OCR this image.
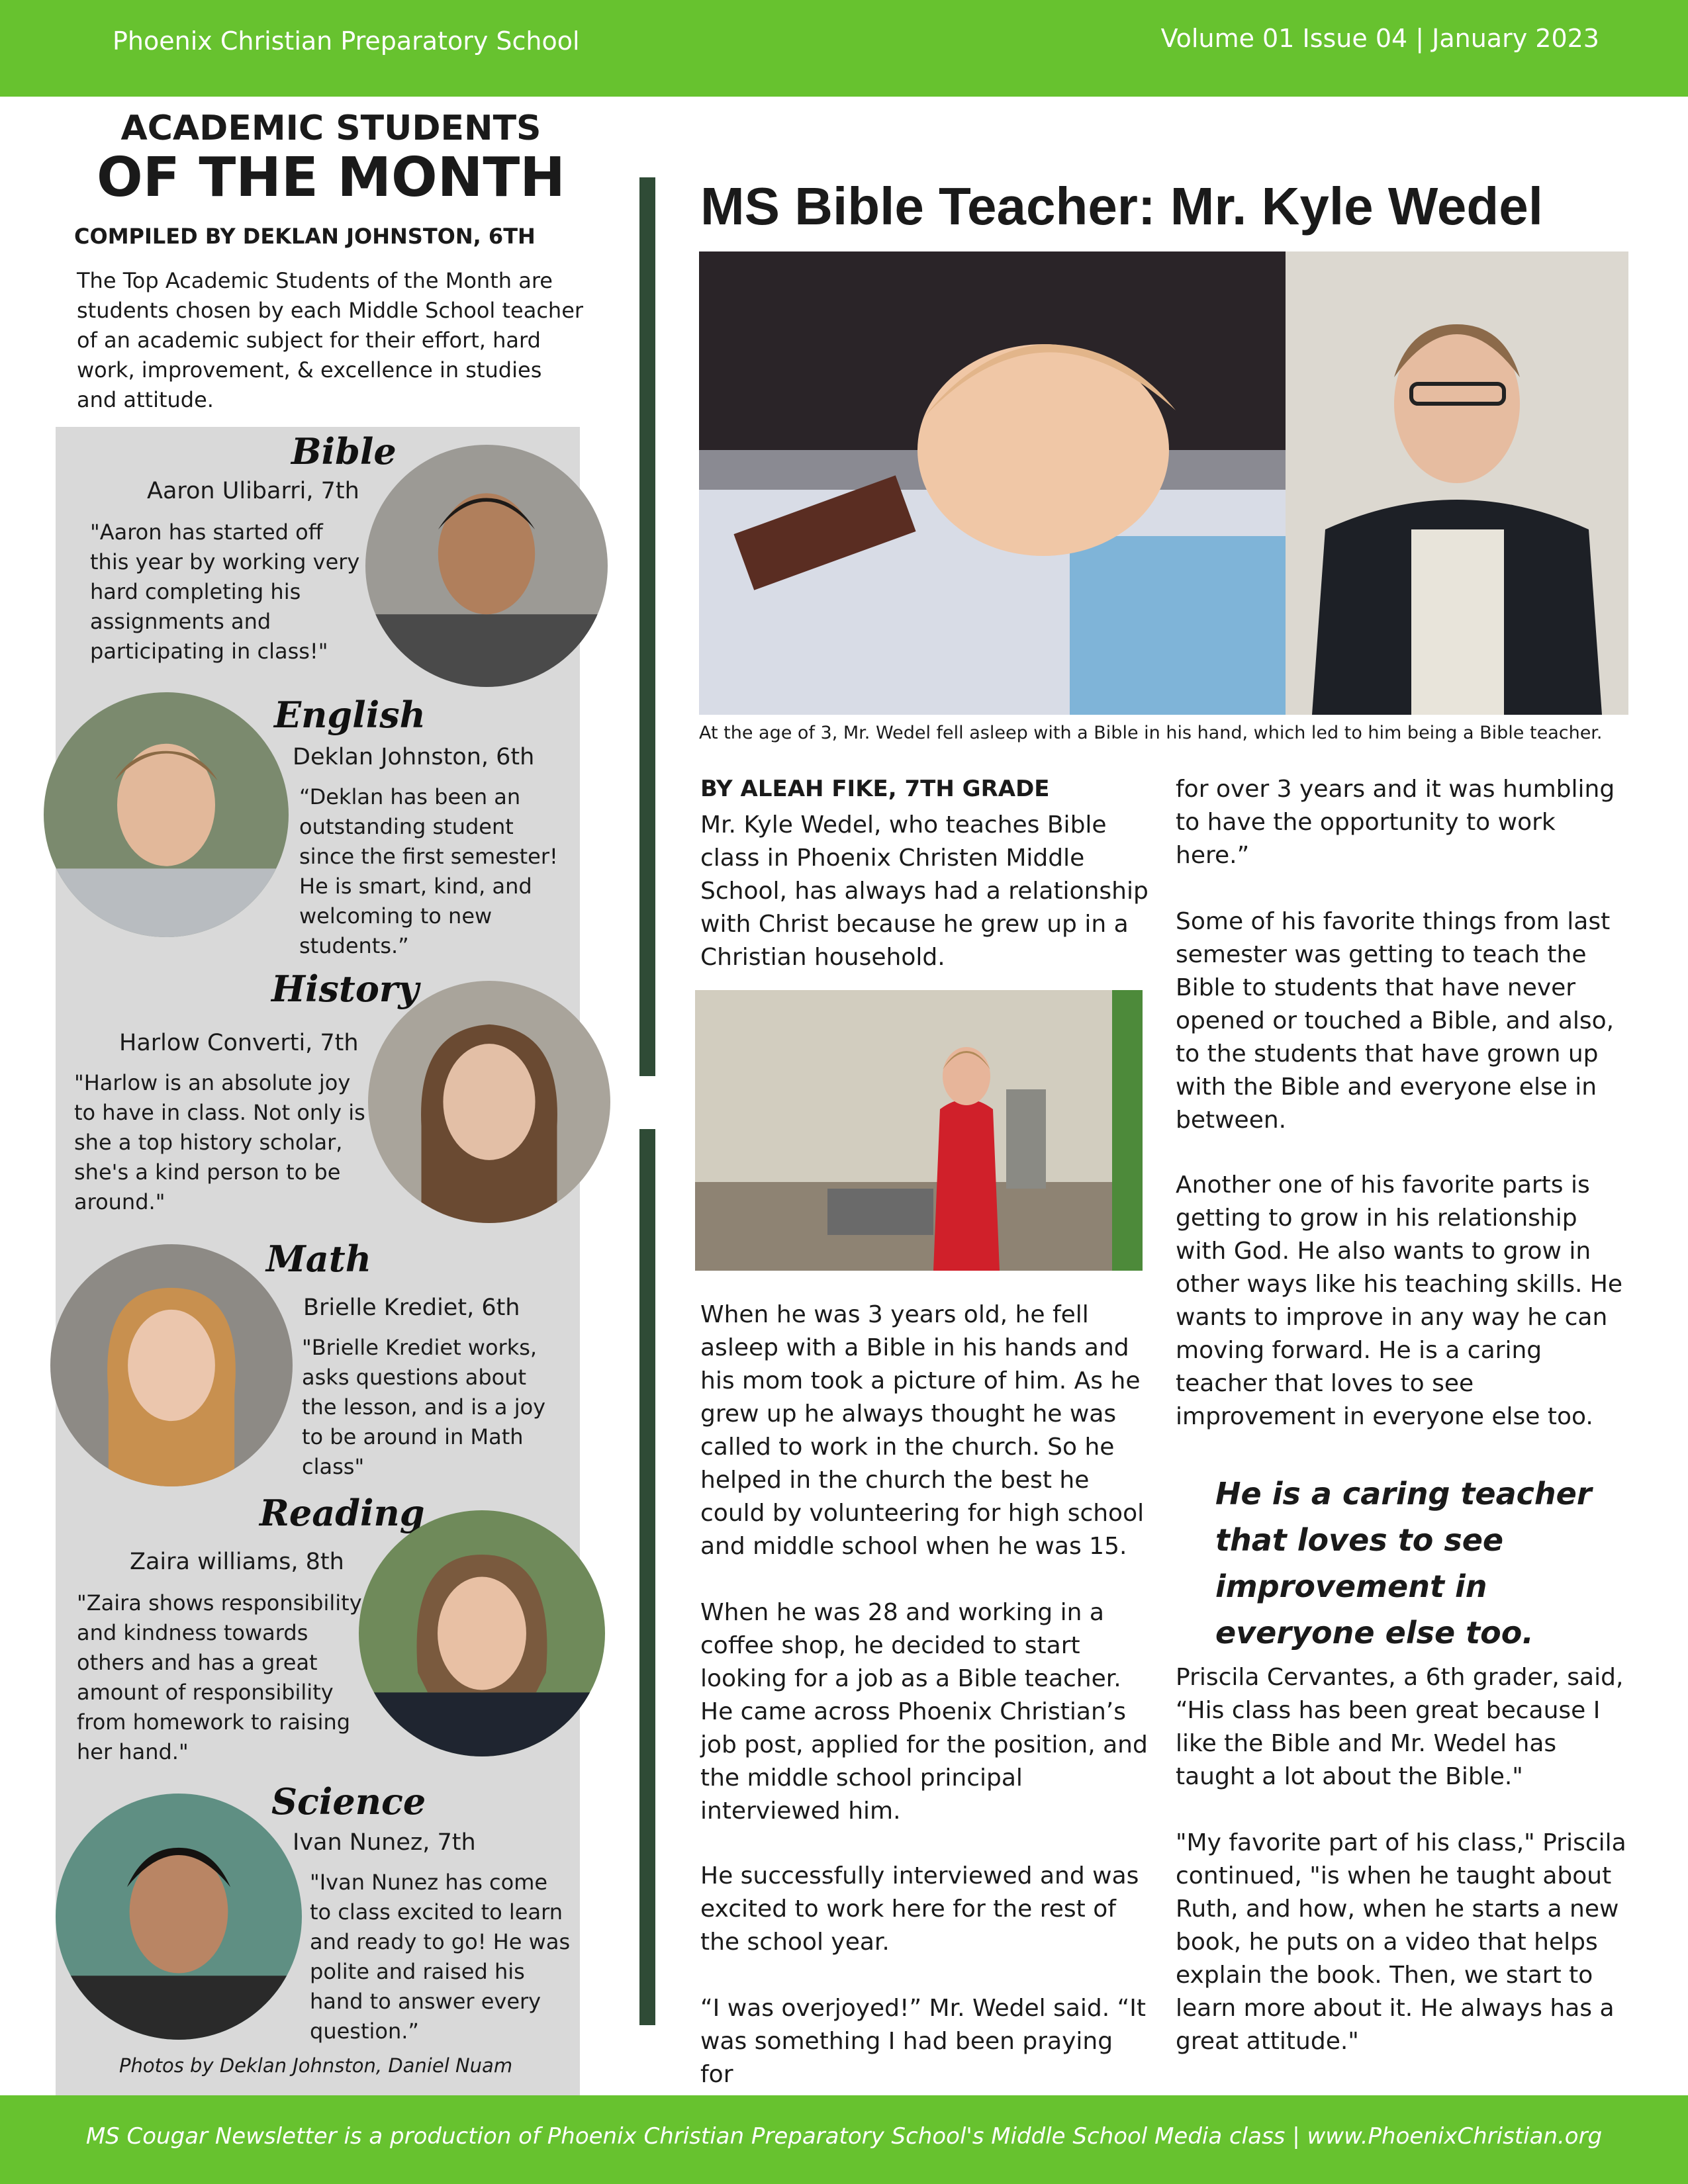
Phoenix Christian Preparatory School	Volume 01 Issue 04 | January 2023
ACADEMIC STUDENTS
OF THE MONTH
COMPILED BY DEKLAN JOHNSTON, 6TH
The Top Academic Students of the Month are students chosen by each Middle School teacher of an academic subject for their effort, hard work, improvement, & excellence in studies and attitude.
Bible
Aaron Ulibarri, 7th
"Aaron has started off this year by working very hard completing his assignments and participating in class!"
English
Deklan Johnston, 6th
“Deklan has been an outstanding student since the first semester! He is smart, kind, and welcoming to new students.”
History
Harlow Converti, 7th
"Harlow is an absolute joy to have in class. Not only is she a top history scholar, she's a kind person to be around."
Math
Brielle Krediet, 6th
"Brielle Krediet works, asks questions about the lesson, and is a joy to be around in Math class"
Reading
Zaira williams, 8th
"Zaira shows responsibility and kindness towards others and has a great amount of responsibility from homework to raising her hand."
Science
Ivan Nunez, 7th
"Ivan Nunez has come to class excited to learn and ready to go! He was polite and raised his hand to answer every question.”
Photos by Deklan Johnston, Daniel Nuam
MS Bible Teacher: Mr. Kyle Wedel
At the age of 3, Mr. Wedel fell asleep with a Bible in his hand, which led to him being a Bible teacher.
BY ALEAH FIKE, 7TH GRADE
Mr. Kyle Wedel, who teaches Bible class in Phoenix Christen Middle School, has always had a relationship with Christ because he grew up in a Christian household.
When he was 3 years old, he fell asleep with a Bible in his hands and his mom took a picture of him. As he grew up he always thought he was called to work in the church. So he helped in the church the best he could by volunteering for high school and middle school when he was 15.
When he was 28 and working in a coffee shop, he decided to start looking for a job as a Bible teacher. He came across Phoenix Christian’s job post, applied for the position, and the middle school principal interviewed him.
He successfully interviewed and was excited to work here for the rest of the school year.
“I was overjoyed!” Mr. Wedel said. “It was something I had been praying for
for over 3 years and it was humbling to have the opportunity to work here.”
Some of his favorite things from last semester was getting to teach the Bible to students that have never opened or touched a Bible, and also, to the students that have grown up with the Bible and everyone else in between.
Another one of his favorite parts is getting to grow in his relationship with God. He also wants to grow in other ways like his teaching skills. He wants to improve in any way he can moving forward. He is a caring teacher that loves to see improvement in everyone else too.
He is a caring teacher that loves to see improvement in everyone else too.
Priscila Cervantes, a 6th grader, said, “His class has been great because I like the Bible and Mr. Wedel has taught a lot about the Bible."
"My favorite part of his class," Priscila continued, "is when he taught about Ruth, and how, when he starts a new book, he puts on a video that helps explain the book. Then, we start to learn more about it. He always has a great attitude."
MS Cougar Newsletter is a production of Phoenix Christian Preparatory School's Middle School Media class | www.PhoenixChristian.org
